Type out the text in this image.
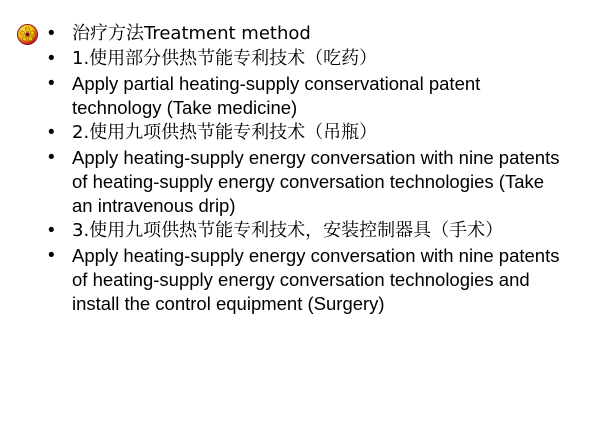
• 治疗方法Treatment method
• 1.使用部分供热节能专利技术（吃药）
• Apply partial heating-supply conservational patent technology (Take medicine)
• 2.使用九项供热节能专利技术（吊瓶）
• Apply heating-supply energy conversation with nine patents of heating-supply energy conversation technologies (Take an intravenous drip)
• 3.使用九项供热节能专利技术，安装控制器具（手术）
• Apply heating-supply energy conversation with nine patents of heating-supply energy conversation technologies and install the control equipment (Surgery)
